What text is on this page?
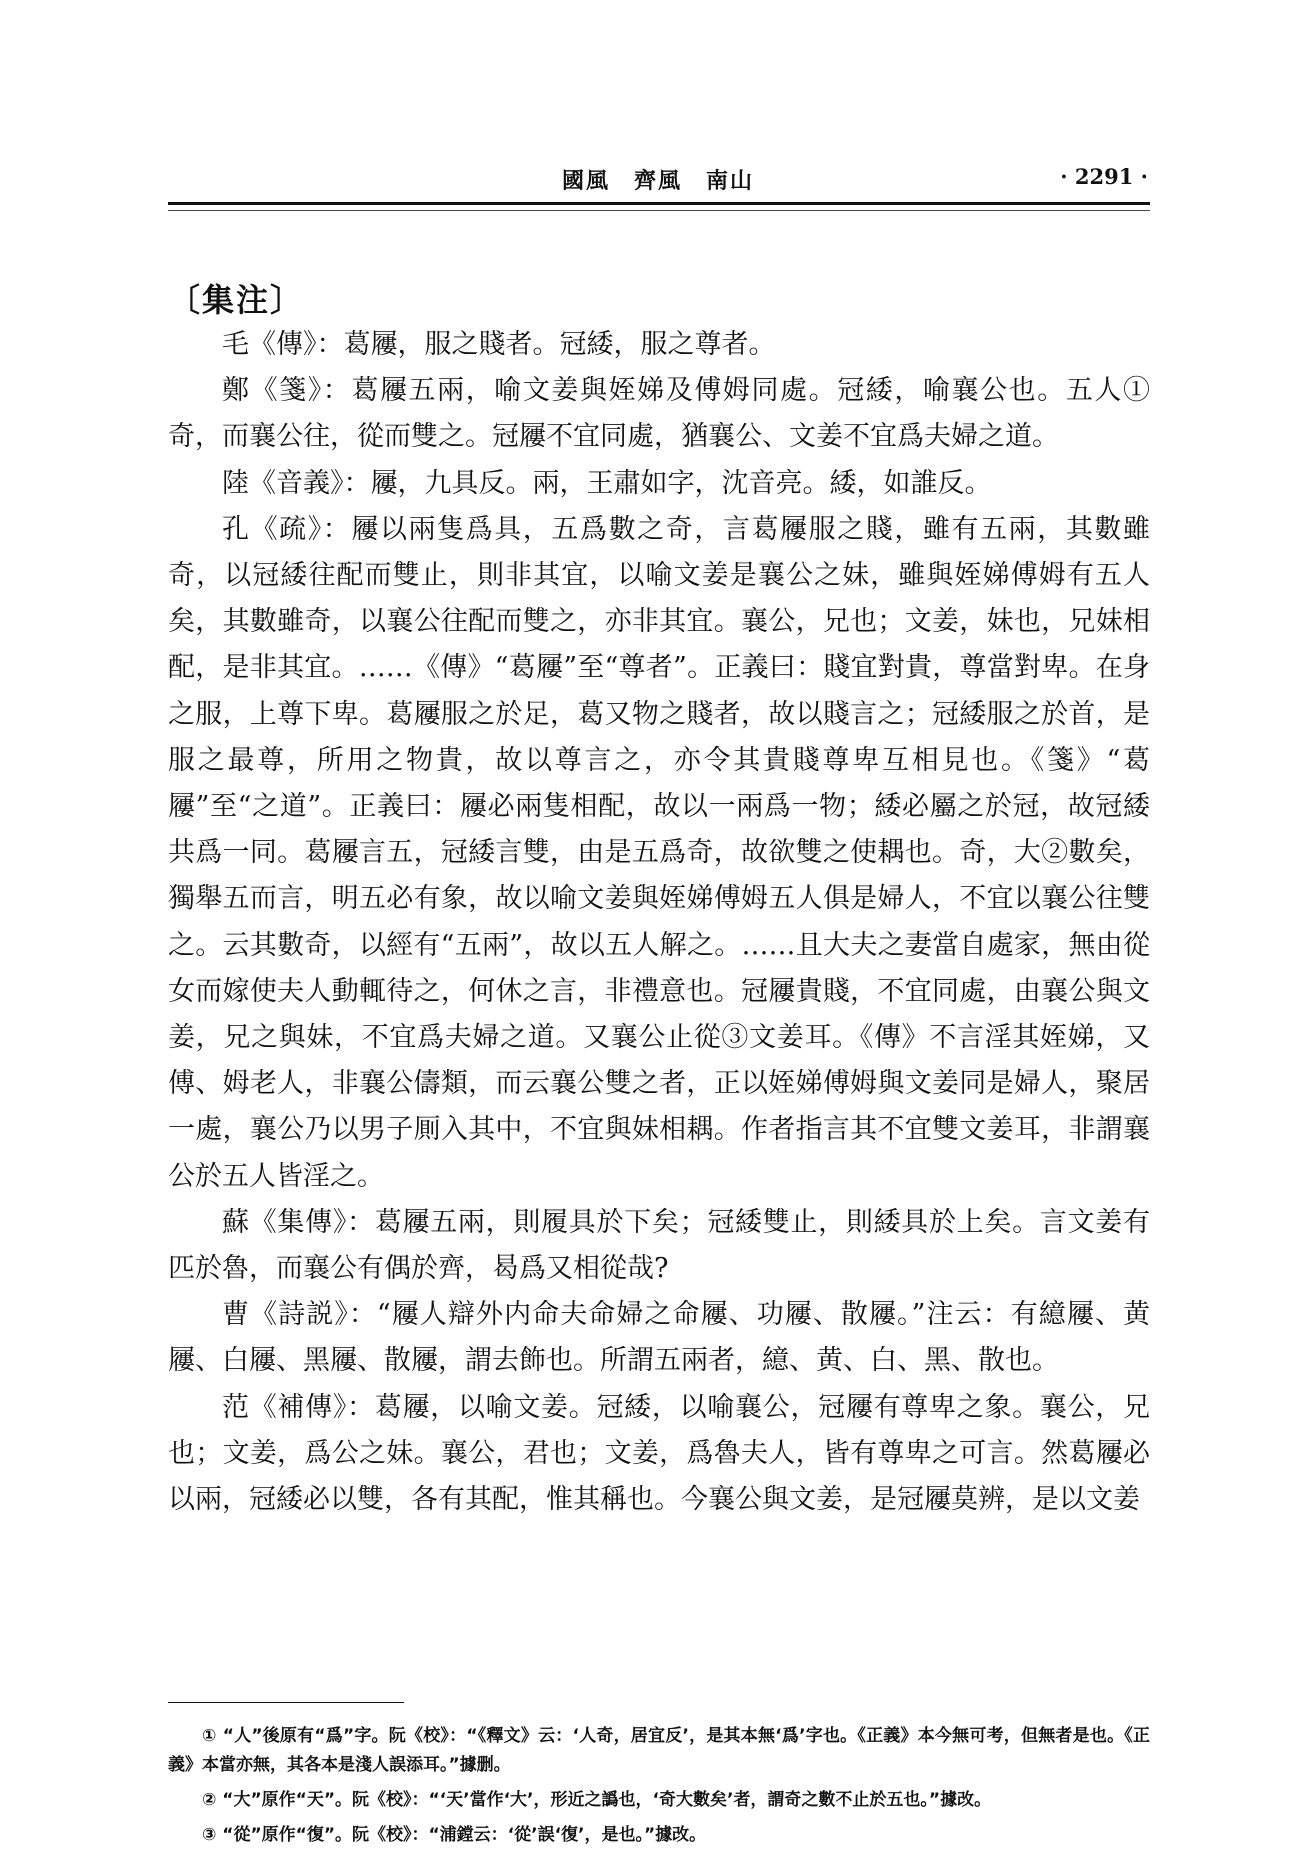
國風　齊風　南山	· 2291 ·
〔集注〕

毛《傳》：葛屨，服之賤者。冠緌，服之尊者。

鄭《箋》：葛屨五兩，喻文姜與姪娣及傅姆同處。冠緌，喻襄公也。五人①奇，而襄公往，從而雙之。冠屨不宜同處，猶襄公、文姜不宜爲夫婦之道。

陸《音義》：屨，九具反。兩，王肅如字，沈音亮。緌，如誰反。

孔《疏》：屨以兩隻爲具，五爲數之奇，言葛屨服之賤，雖有五兩，其數雖奇，以冠緌往配而雙止，則非其宜，以喻文姜是襄公之妹，雖與姪娣傅姆有五人矣，其數雖奇，以襄公往配而雙之，亦非其宜。襄公，兄也；文姜，妹也，兄妹相配，是非其宜。……《傳》“葛屨”至“尊者”。正義曰：賤宜對貴，尊當對卑。在身之服，上尊下卑。葛屨服之於足，葛又物之賤者，故以賤言之；冠緌服之於首，是服之最尊，所用之物貴，故以尊言之，亦令其貴賤尊卑互相見也。《箋》“葛屨”至“之道”。正義曰：屨必兩隻相配，故以一兩爲一物；緌必屬之於冠，故冠緌共爲一同。葛屨言五，冠緌言雙，由是五爲奇，故欲雙之使耦也。奇，大②數矣，獨舉五而言，明五必有象，故以喻文姜與姪娣傅姆五人俱是婦人，不宜以襄公往雙之。云其數奇，以經有“五兩”，故以五人解之。……且大夫之妻當自處家，無由從女而嫁使夫人動輒待之，何休之言，非禮意也。冠屨貴賤，不宜同處，由襄公與文姜，兄之與妹，不宜爲夫婦之道。又襄公止從③文姜耳。《傳》不言淫其姪娣，又傅、姆老人，非襄公儔類，而云襄公雙之者，正以姪娣傅姆與文姜同是婦人，聚居一處，襄公乃以男子厠入其中，不宜與妹相耦。作者指言其不宜雙文姜耳，非謂襄公於五人皆淫之。

蘇《集傳》：葛屨五兩，則履具於下矣；冠緌雙止，則緌具於上矣。言文姜有匹於魯，而襄公有偶於齊，曷爲又相從哉?

曹《詩説》：“屨人辯外内命夫命婦之命屨、功屨、散屨。”注云：有繶屨、黄屨、白屨、黑屨、散屨，謂去飾也。所謂五兩者，繶、黄、白、黑、散也。

范《補傳》：葛屨，以喻文姜。冠緌，以喻襄公，冠屨有尊卑之象。襄公，兄也；文姜，爲公之妹。襄公，君也；文姜，爲魯夫人，皆有尊卑之可言。然葛屨必以兩，冠緌必以雙，各有其配，惟其稱也。今襄公與文姜，是冠屨莫辨，是以文姜

① “人”後原有“爲”字。阮《校》：“《釋文》云：‘人奇，居宜反’，是其本無‘爲’字也。《正義》本今無可考，但無者是也。《正義》本當亦無，其各本是淺人誤添耳。”據删。

② “大”原作“天”。阮《校》：“‘天’當作‘大’，形近之譌也，‘奇大數矣’者，謂奇之數不止於五也。”據改。

③ “從”原作“復”。阮《校》：“浦鏜云：‘從’誤‘復’，是也。”據改。
